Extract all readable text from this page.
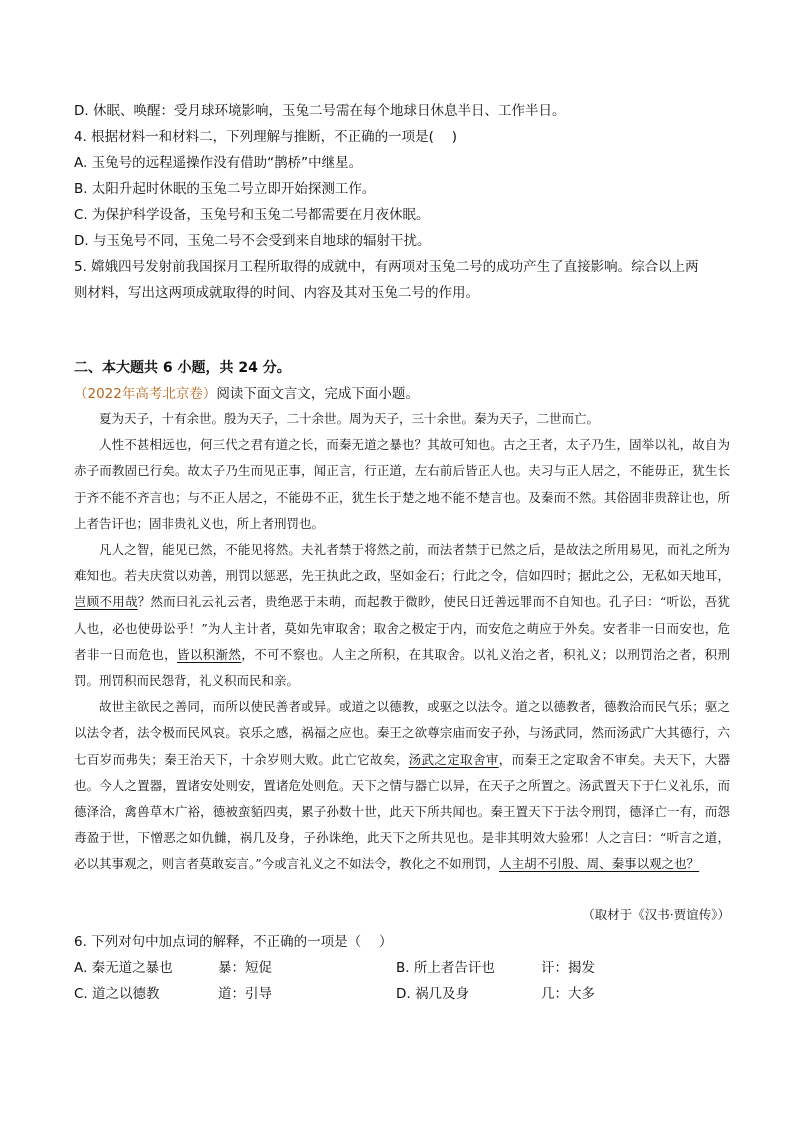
D. 休眠、唤醒：受月球环境影响，玉兔二号需在每个地球日休息半日、工作半日。
4. 根据材料一和材料二，下列理解与推断，不正确的一项是(　 )
A. 玉兔号的远程遥操作没有借助“鹊桥”中继星。
B. 太阳升起时休眠的玉兔二号立即开始探测工作。
C. 为保护科学设备，玉兔号和玉兔二号都需要在月夜休眠。
D. 与玉兔号不同，玉兔二号不会受到来自地球的辐射干扰。
5. 嫦娥四号发射前我国探月工程所取得的成就中，有两项对玉兔二号的成功产生了直接影响。综合以上两
则材料，写出这两项成就取得的时间、内容及其对玉兔二号的作用。
二、本大题共 6 小题，共 24 分。
（2022年高考北京卷）阅读下面文言文，完成下面小题。

夏为天子，十有余世。殷为天子，二十余世。周为天子，三十余世。秦为天子，二世而亡。

人性不甚相远也，何三代之君有道之长，而秦无道之暴也？其故可知也。古之王者，太子乃生，固举以礼，故自为赤子而教固已行矣。故太子乃生而见正事，闻正言，行正道，左右前后皆正人也。夫习与正人居之，不能毋正，犹生长于齐不能不齐言也；与不正人居之，不能毋不正，犹生长于楚之地不能不楚言也。及秦而不然。其俗固非贵辞让也，所上者告讦也；固非贵礼义也，所上者刑罚也。

凡人之智，能见已然，不能见将然。夫礼者禁于将然之前，而法者禁于已然之后，是故法之所用易见，而礼之所为难知也。若夫庆赏以劝善，刑罚以惩恶，先王执此之政，坚如金石；行此之令，信如四时；据此之公，无私如天地耳，岂顾不用哉？然而曰礼云礼云者，贵绝恶于未萌，而起教于微眇，使民日迁善远罪而不自知也。孔子曰：“听讼，吾犹人也，必也使毋讼乎！”为人主计者，莫如先审取舍；取舍之极定于内，而安危之萌应于外矣。安者非一日而安也，危者非一日而危也，皆以积渐然，不可不察也。人主之所积，在其取舍。以礼义治之者，积礼义；以刑罚治之者，积刑罚。刑罚积而民怨背，礼义积而民和亲。

故世主欲民之善同，而所以使民善者或异。或道之以德教，或驱之以法令。道之以德教者，德教洽而民气乐；驱之以法令者，法令极而民风哀。哀乐之感，祸福之应也。秦王之欲尊宗庙而安子孙，与汤武同，然而汤武广大其德行，六七百岁而弗失；秦王治天下，十余岁则大败。此亡它故矣，汤武之定取舍审，而秦王之定取舍不审矣。夫天下，大器也。今人之置器，置诸安处则安，置诸危处则危。天下之情与器亡以异，在天子之所置之。汤武置天下于仁义礼乐，而德泽洽，禽兽草木广裕，德被蛮貊四夷，累子孙数十世，此天下所共闻也。秦王置天下于法令刑罚，德泽亡一有，而怨毒盈于世，下憎恶之如仇雠，祸几及身，子孙诛绝，此天下之所共见也。是非其明效大验邪！人之言曰：“听言之道，必以其事观之，则言者莫敢妄言。”今或言礼义之不如法令，教化之不如刑罚，人主胡不引殷、周、秦事以观之也？

（取材于《汉书·贾谊传》）
6. 下列对句中加点词的解释，不正确的一项是（　 ）
A. 秦无道之暴也	暴：短促	B. 所上者告讦也	讦：揭发
C. 道之以德教	道：引导	D. 祸几及身	几：大多
